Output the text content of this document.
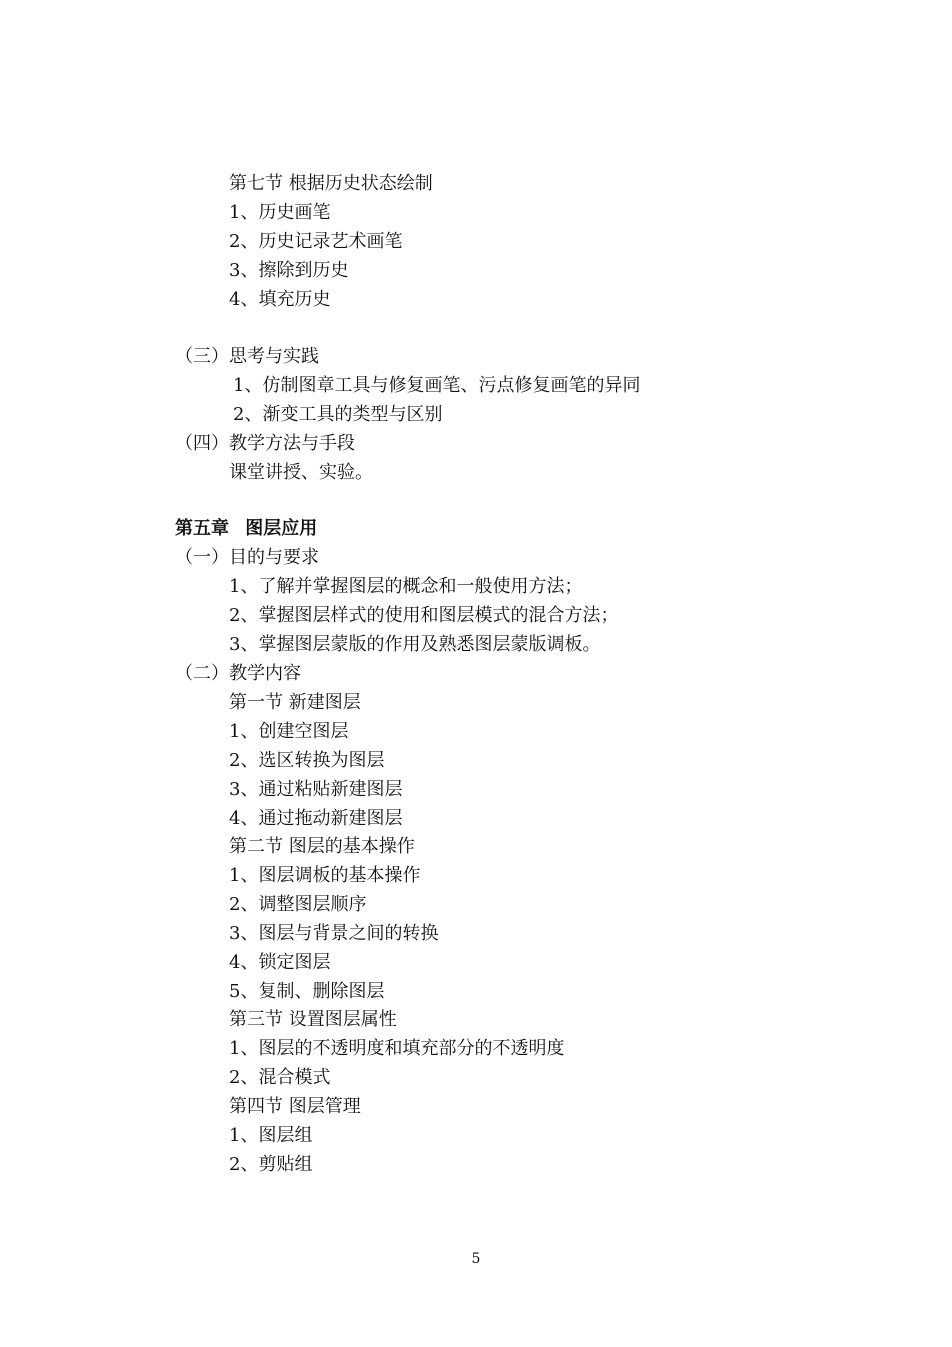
第七节 根据历史状态绘制
1、历史画笔
2、历史记录艺术画笔
3、擦除到历史
4、填充历史
（三）思考与实践
1、仿制图章工具与修复画笔、污点修复画笔的异同
2、渐变工具的类型与区别
（四）教学方法与手段
课堂讲授、实验。
第五章 图层应用
（一）目的与要求
1、了解并掌握图层的概念和一般使用方法；
2、掌握图层样式的使用和图层模式的混合方法；
3、掌握图层蒙版的作用及熟悉图层蒙版调板。
（二）教学内容
第一节 新建图层
1、创建空图层
2、选区转换为图层
3、通过粘贴新建图层
4、通过拖动新建图层
第二节 图层的基本操作
1、图层调板的基本操作
2、调整图层顺序
3、图层与背景之间的转换
4、锁定图层
5、复制、删除图层
第三节 设置图层属性
1、图层的不透明度和填充部分的不透明度
2、混合模式
第四节 图层管理
1、图层组
2、剪贴组
5
